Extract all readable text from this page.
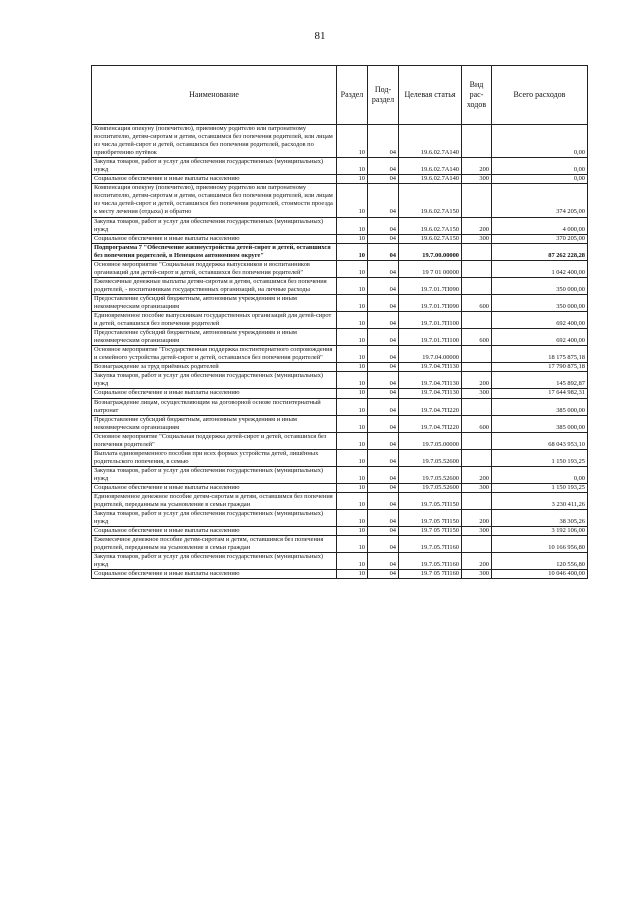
81
Наименование	Раздел	Под-раздел	Целевая статья	Вид рас-ходов	Всего расходов
Компенсация опекуну (попечителю), приемному родителю или патронатному воспитателю, детям-сиротам и детям, оставшимся без попечения родителей, или лицам из числа детей-сирот и детей, оставшихся без попечения родителей, расходов по приобретению путёвок	10	04	19.6.02.7А140		0,00
Закупка товаров, работ и услуг для обеспечения государственных (муниципальных) нужд	10	04	19.6.02.7А140	200	0,00
Социальное обеспечение и иные выплаты населению	10	04	19.6.02.7А140	300	0,00
Компенсация опекуну (попечителю), приемному родителю или патронатному воспитателю, детям-сиротам и детям, оставшимся без попечения родителей, или лицам из числа детей-сирот и детей, оставшихся без попечения родителей, стоимости проезда к месту лечения (отдыха) и обратно	10	04	19.6.02.7А150		374 205,00
Закупка товаров, работ и услуг для обеспечения государственных (муниципальных) нужд	10	04	19.6.02.7А150	200	4 000,00
Социальное обеспечение и иные выплаты населению	10	04	19.6.02.7А150	300	370 205,00
Подпрограмма 7 "Обеспечение жизнеустройства детей-сирот и детей, оставшихся без попечения родителей, в Ненецком автономном округе"	10	04	19.7.00.00000		87 262 228,28
Основное мероприятие "Социальная поддержка выпускников и воспитанников организаций для детей-сирот и детей, оставшихся без попечения родителей"	10	04	19 7 01 00000		1 042 400,00
Ежемесячные денежные выплаты детям-сиротам и детям, оставшимся без попечения родителей, - воспитанникам государственных организаций, на личные расходы	10	04	19.7.01.7П090		350 000,00
Предоставление субсидий бюджетным, автономным учреждениям и иным некоммерческим организациям	10	04	19.7.01.7П090	600	350 000,00
Единовременное пособие выпускникам государственных организаций для детей-сирот и детей, оставшихся без попечения родителей	10	04	19.7.01.7П100		692 400,00
Предоставление субсидий бюджетным, автономным учреждениям и иным некоммерческим организациям	10	04	19.7.01.7П100	600	692 400,00
Основное мероприятие "Государственная поддержка постинтернатного сопровождения и семейного устройства детей-сирот и детей, оставшихся без попечения родителей"	10	04	19.7.04.00000		18 175 875,18
Вознаграждение за труд приёмных родителей	10	04	19.7.04.7П130		17 790 875,18
Закупка товаров, работ и услуг для обеспечения государственных (муниципальных) нужд	10	04	19.7.04.7П130	200	145 892,87
Социальное обеспечение и иные выплаты населению	10	04	19.7.04.7П130	300	17 644 982,31
Вознаграждение лицам, осуществляющим на договорной основе постинтернатный патронат	10	04	19.7.04.7П220		385 000,00
Предоставление субсидий бюджетным, автономным учреждениям и иным некоммерческим организациям	10	04	19.7.04.7П220	600	385 000,00
Основное мероприятие "Социальная поддержка детей-сирот и детей, оставшихся без попечения родителей"	10	04	19.7.05.00000		68 043 953,10
Выплата единовременного пособия при всех формах устройства детей, лишённых родительского попечения, в семью	10	04	19.7.05.52600		1 150 193,25
Закупка товаров, работ и услуг для обеспечения государственных (муниципальных) нужд	10	04	19.7.05.52600	200	0,00
Социальное обеспечение и иные выплаты населению	10	04	19.7.05.52600	300	1 150 193,25
Единовременное денежное пособие детям-сиротам и детям, оставшимся без попечения родителей, переданным на усыновление в семьи граждан	10	04	19.7.05.7П150		3 230 411,26
Закупка товаров, работ и услуг для обеспечения государственных (муниципальных) нужд	10	04	19.7.05 7П150	200	38 305,26
Социальное обеспечение и иные выплаты населению	10	04	19.7 05 7П150	300	3 192 106,00
Ежемесячное денежное пособие детям-сиротам и детям, оставшимся без попечения родителей, переданным на усыновление в семьи граждан	10	04	19.7.05.7П160		10 166 956,80
Закупка товаров, работ и услуг для обеспечения государственных (муниципальных) нужд	10	04	19.7.05.7П160	200	120 556,80
Социальное обеспечение и иные выплаты населению	10	04	19.7 05 7П160	300	10 046 400,00
